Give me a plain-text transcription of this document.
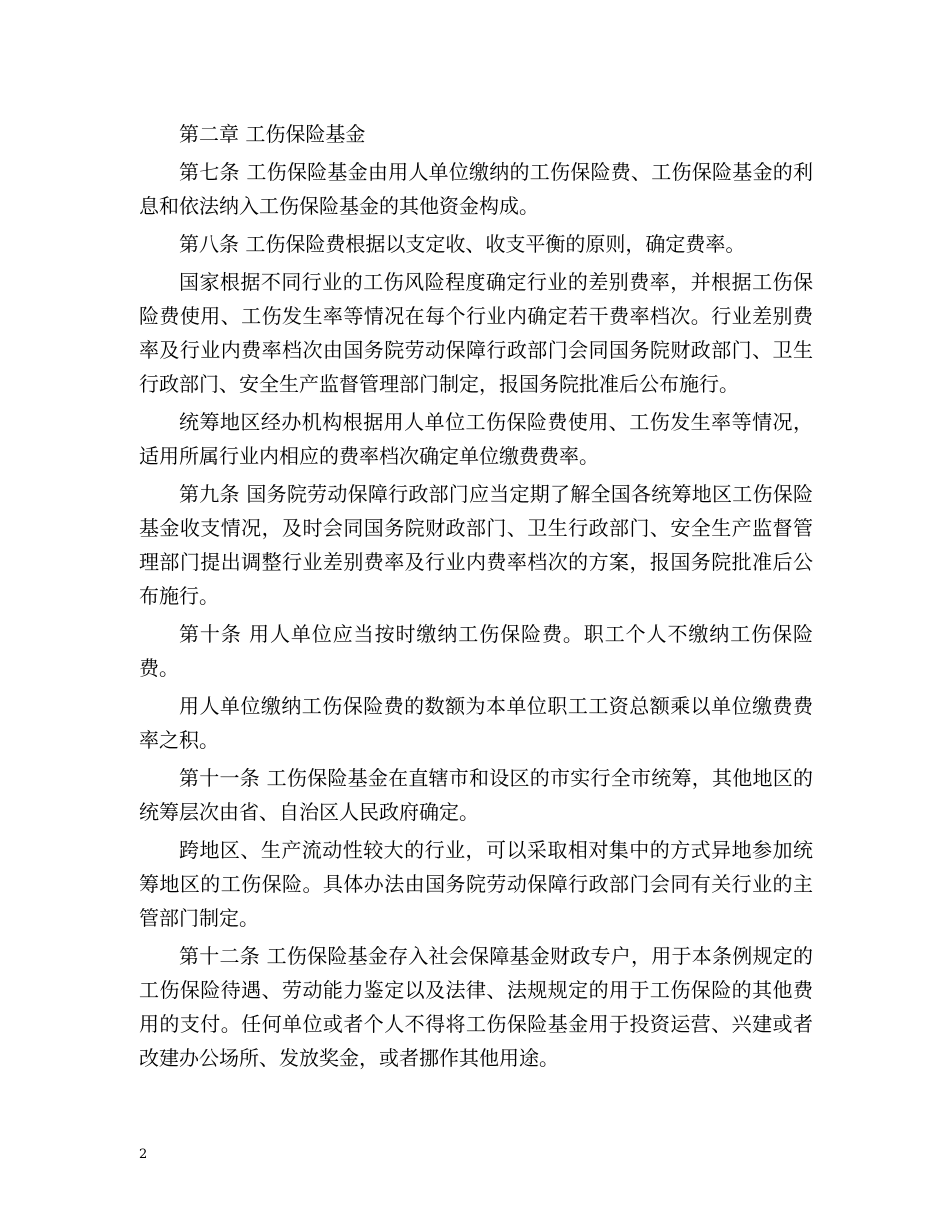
第二章 工伤保险基金

第七条 工伤保险基金由用人单位缴纳的工伤保险费、工伤保险基金的利息和依法纳入工伤保险基金的其他资金构成。

第八条 工伤保险费根据以支定收、收支平衡的原则，确定费率。

国家根据不同行业的工伤风险程度确定行业的差别费率，并根据工伤保险费使用、工伤发生率等情况在每个行业内确定若干费率档次。行业差别费率及行业内费率档次由国务院劳动保障行政部门会同国务院财政部门、卫生行政部门、安全生产监督管理部门制定，报国务院批准后公布施行。

统筹地区经办机构根据用人单位工伤保险费使用、工伤发生率等情况，适用所属行业内相应的费率档次确定单位缴费费率。

第九条 国务院劳动保障行政部门应当定期了解全国各统筹地区工伤保险基金收支情况，及时会同国务院财政部门、卫生行政部门、安全生产监督管理部门提出调整行业差别费率及行业内费率档次的方案，报国务院批准后公布施行。

第十条 用人单位应当按时缴纳工伤保险费。职工个人不缴纳工伤保险费。

用人单位缴纳工伤保险费的数额为本单位职工工资总额乘以单位缴费费率之积。

第十一条 工伤保险基金在直辖市和设区的市实行全市统筹，其他地区的统筹层次由省、自治区人民政府确定。

跨地区、生产流动性较大的行业，可以采取相对集中的方式异地参加统筹地区的工伤保险。具体办法由国务院劳动保障行政部门会同有关行业的主管部门制定。

第十二条 工伤保险基金存入社会保障基金财政专户，用于本条例规定的工伤保险待遇、劳动能力鉴定以及法律、法规规定的用于工伤保险的其他费用的支付。任何单位或者个人不得将工伤保险基金用于投资运营、兴建或者改建办公场所、发放奖金，或者挪作其他用途。

2
